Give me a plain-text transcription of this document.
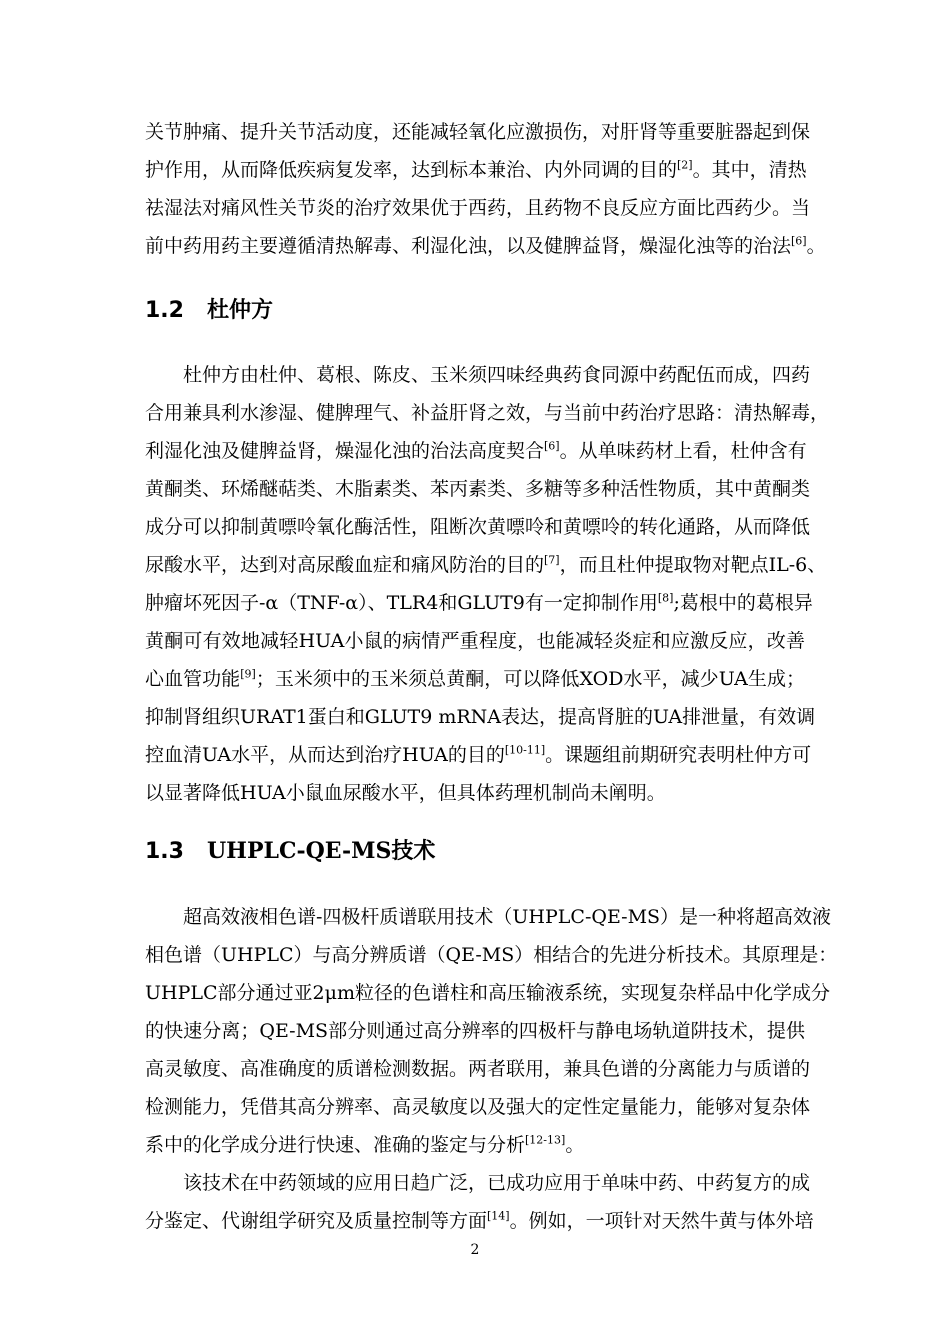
关节肿痛、提升关节活动度，还能减轻氧化应激损伤，对肝肾等重要脏器起到保
护作用，从而降低疾病复发率，达到标本兼治、内外同调的目的[2]。其中，清热
祛湿法对痛风性关节炎的治疗效果优于西药，且药物不良反应方面比西药少。当
前中药用药主要遵循清热解毒、利湿化浊，以及健脾益肾，燥湿化浊等的治法[6]。
1.2 杜仲方
杜仲方由杜仲、葛根、陈皮、玉米须四味经典药食同源中药配伍而成，四药
合用兼具利水渗湿、健脾理气、补益肝肾之效，与当前中药治疗思路：清热解毒，
利湿化浊及健脾益肾，燥湿化浊的治法高度契合[6]。从单味药材上看，杜仲含有
黄酮类、环烯醚萜类、木脂素类、苯丙素类、多糖等多种活性物质，其中黄酮类
成分可以抑制黄嘌呤氧化酶活性，阻断次黄嘌呤和黄嘌呤的转化通路，从而降低
尿酸水平，达到对高尿酸血症和痛风防治的目的[7]，而且杜仲提取物对靶点IL-6、
肿瘤坏死因子-α（TNF-α）、TLR4和GLUT9有一定抑制作用[8];葛根中的葛根异
黄酮可有效地减轻HUA小鼠的病情严重程度，也能减轻炎症和应激反应，改善
心血管功能[9]；玉米须中的玉米须总黄酮，可以降低XOD水平，减少UA生成；
抑制肾组织URAT1蛋白和GLUT9 mRNA表达，提高肾脏的UA排泄量，有效调
控血清UA水平，从而达到治疗HUA的目的[10-11]。课题组前期研究表明杜仲方可
以显著降低HUA小鼠血尿酸水平，但具体药理机制尚未阐明。
1.3 UHPLC-QE-MS技术
超高效液相色谱-四极杆质谱联用技术（UHPLC-QE-MS）是一种将超高效液
相色谱（UHPLC）与高分辨质谱（QE-MS）相结合的先进分析技术。其原理是：
UHPLC部分通过亚2μm粒径的色谱柱和高压输液系统，实现复杂样品中化学成分
的快速分离；QE-MS部分则通过高分辨率的四极杆与静电场轨道阱技术，提供
高灵敏度、高准确度的质谱检测数据。两者联用，兼具色谱的分离能力与质谱的
检测能力，凭借其高分辨率、高灵敏度以及强大的定性定量能力，能够对复杂体
系中的化学成分进行快速、准确的鉴定与分析[12-13]。
该技术在中药领域的应用日趋广泛，已成功应用于单味中药、中药复方的成
分鉴定、代谢组学研究及质量控制等方面[14]。例如，一项针对天然牛黄与体外培
2
